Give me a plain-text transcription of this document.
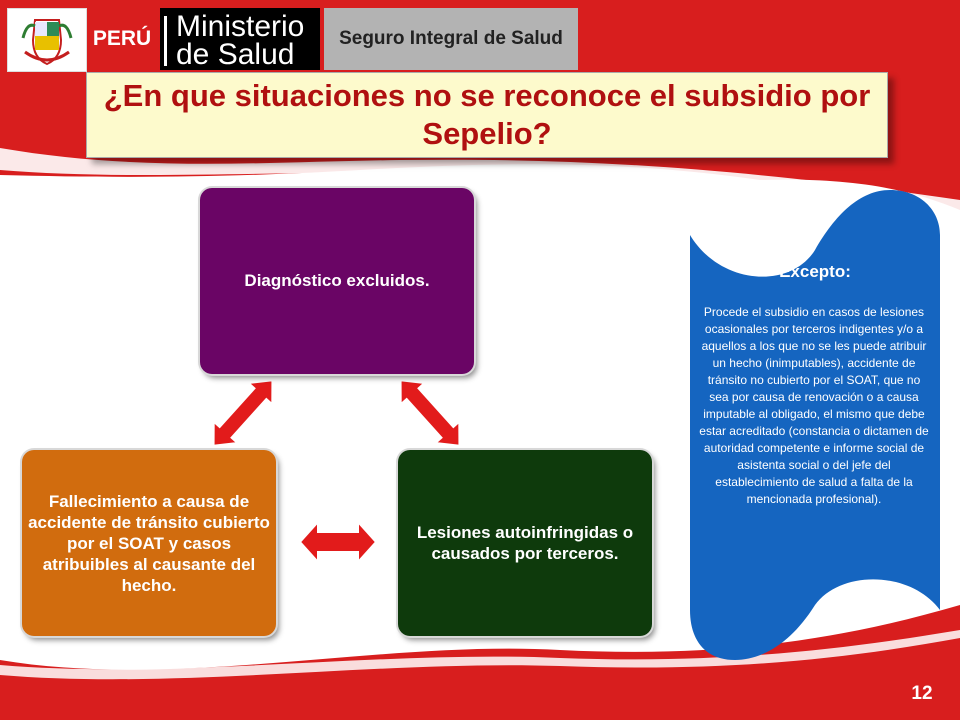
PERÚ Ministerio
de Salud	Seguro Integral de Salud
¿En que situaciones no se reconoce el subsidio por Sepelio?
Diagnóstico excluidos.
Fallecimiento a causa de accidente de tránsito cubierto por el SOAT y casos atribuibles al causante del hecho.
Lesiones autoinfringidas o causados por terceros.
Excepto:
Procede el subsidio en casos de lesiones ocasionales por terceros indigentes y/o a aquellos a los que no se les puede atribuir un hecho (inimputables), accidente de tránsito no cubierto por el SOAT, que no sea por causa de renovación o a causa imputable al obligado, el mismo que debe estar acreditado (constancia o dictamen de autoridad competente e informe social de asistenta social o del jefe del establecimiento de salud a falta de la mencionada profesional).
12
